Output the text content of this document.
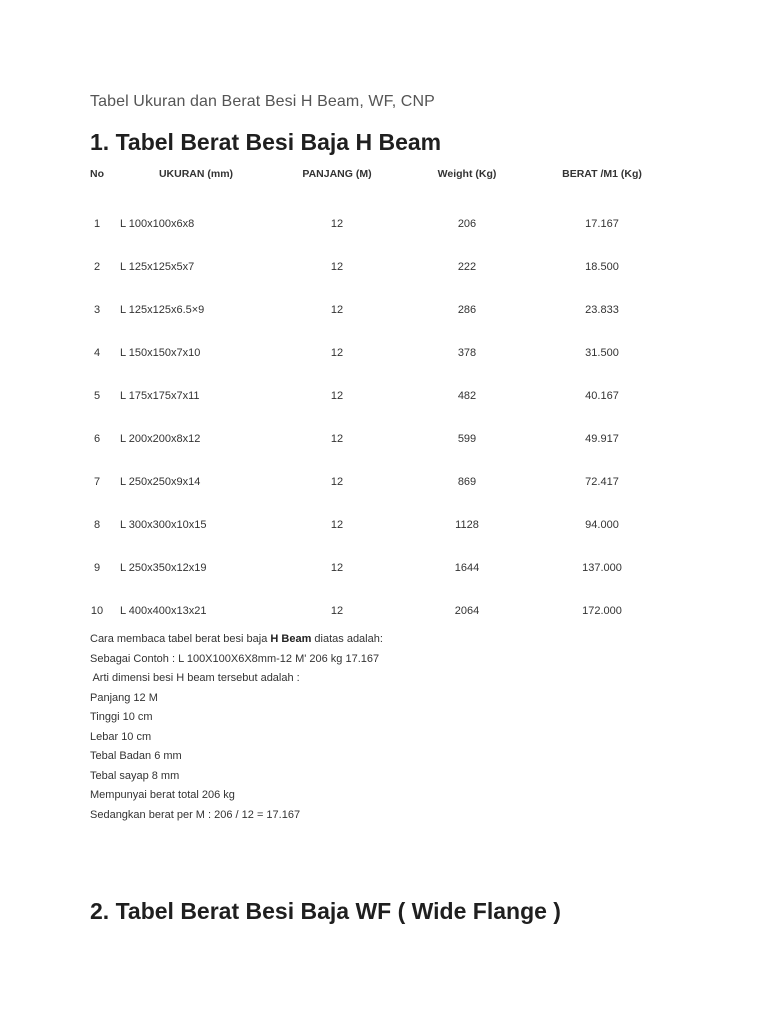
Tabel Ukuran dan Berat Besi H Beam, WF, CNP
1. Tabel Berat Besi Baja H Beam
No	UKURAN (mm)	PANJANG (M)	Weight (Kg)	BERAT /M1 (Kg)
1	L 100x100x6x8	12	206	17.167
2	L 125x125x5x7	12	222	18.500
3	L 125x125x6.5×9	12	286	23.833
4	L 150x150x7x10	12	378	31.500
5	L 175x175x7x11	12	482	40.167
6	L 200x200x8x12	12	599	49.917
7	L 250x250x9x14	12	869	72.417
8	L 300x300x10x15	12	1128	94.000
9	L 250x350x12x19	12	1644	137.000
10	L 400x400x13x21	12	2064	172.000

Cara membaca tabel berat besi baja H Beam diatas adalah:

Sebagai Contoh : L 100X100X6X8mm-12 M' 206 kg 17.167

Arti dimensi besi H beam tersebut adalah :

Panjang 12 M

Tinggi 10 cm

Lebar 10 cm

Tebal Badan 6 mm

Tebal sayap 8 mm

Mempunyai berat total 206 kg

Sedangkan berat per M : 206 / 12 = 17.167

2. Tabel Berat Besi Baja WF ( Wide Flange )
